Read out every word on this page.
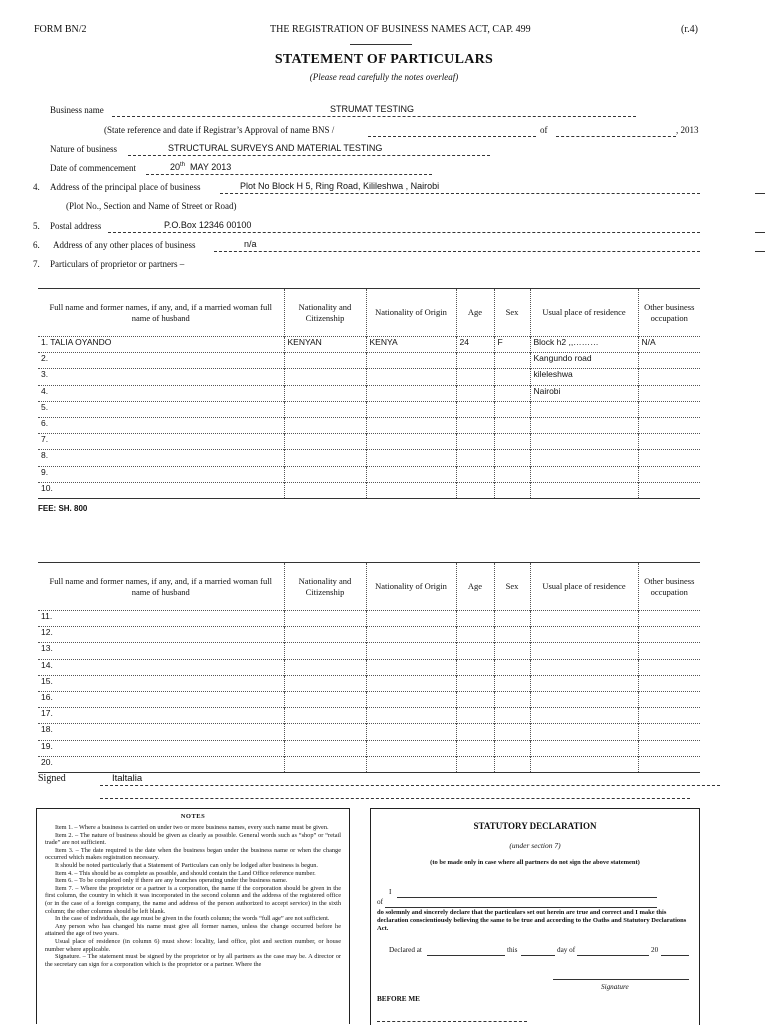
FORM BN/2	THE REGISTRATION OF BUSINESS NAMES ACT, CAP. 499	(r.4)
STATEMENT OF PARTICULARS
(Please read carefully the notes overleaf)
Business name	STRUMAT TESTING
(State reference and date if Registrar’s Approval of name BNS /	of	, 2013
Nature of business	STRUCTURAL SURVEYS AND MATERIAL TESTING
Date of commencement	20th MAY 2013
4. Address of the principal place of business	Plot No Block H 5, Ring Road, Kilileshwa , Nairobi
(Plot No., Section and Name of Street or Road)
5. Postal address	P.O.Box 12346 00100
6. Address of any other places of business	n/a
7. Particulars of proprietor or partners –
Full name and former names, if any, and, if a married woman full name of husband	Nationality and Citizenship	Nationality of Origin	Age	Sex	Usual place of residence	Other business occupation
1. TALIA OYANDO	KENYAN	KENYA	24	F	Block h2 ,,………	N/A
2.					Kangundo road	
3.					kileleshwa	
4.					Nairobi	
5.						
6.						
7.						
8.						
9.						
10.						
FEE: SH. 800
Full name and former names, if any, and, if a married woman full name of husband	Nationality and Citizenship	Nationality of Origin	Age	Sex	Usual place of residence	Other business occupation
11.						
12.						
13.						
14.						
15.						
16.						
17.						
18.						
19.						
20.						
Signed	Italtalia
NOTES

Item 1. – Where a business is carried on under two or more business names, every such name must be given.

Item 2. – The nature of business should be given as clearly as possible. General words such as “shop” or “retail trade” are not sufficient.

Item 3. – The date required is the date when the business began under the business name or when the change occurred which makes registration necessary.

It should be noted particularly that a Statement of Particulars can only be lodged after business is begun.

Item 4. – This should be as complete as possible, and should contain the Land Office reference number.

Item 6. – To be completed only if there are any branches operating under the business name.

Item 7. – Where the proprietor or a partner is a corporation, the name if the corporation should be given in the first column, the country in which it was incorporated in the second column and the address of the registered office (or in the case of a foreign company, the name and address of the person authorized to accept service) in the sixth column; the other columns should be left blank.

In the case of individuals, the age must be given in the fourth column; the words “full age” are not sufficient.

Any person who has changed his name must give all former names, unless the change occurred before he attained the age of two years.

Usual place of residence (in column 6) must show: locality, land office, plot and section number, or house number where applicable.

Signature. – The statement must be signed by the proprietor or by all partners as the case may be. A director or the secretary can sign for a corporation which is the proprietor or a partner. Where the

STATUTORY DECLARATION
(under section 7)
(to be made only in case where all partners do not sign the above statement)
I
of
do solemnly and sincerely declare that the particulars set out herein are true and correct and I make this declaration conscientiously believing the same to be true and according to the Oaths and Statutory Declarations Act.
Declared at	this	day of	20
Signature
BEFORE ME
